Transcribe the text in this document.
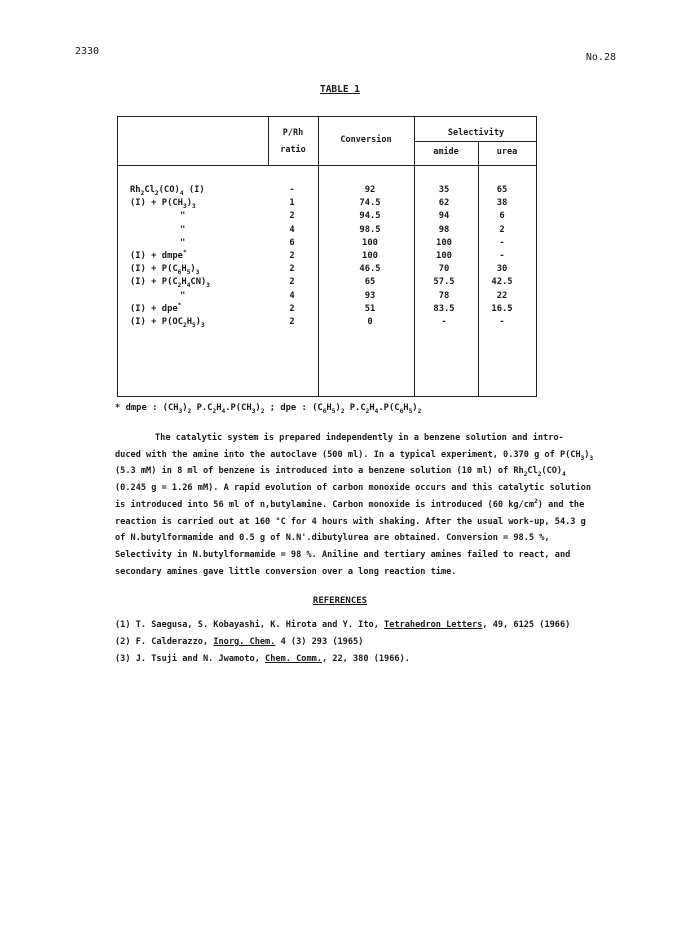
2330
No.28
TABLE 1
P/Rh
ratio
Conversion
Selectivity
amide	urea
$Rh_2Cl_2(CO)_4$ (I)	-	92	35	65
$(I) + P(CH_3)_3$	1	74.5	62	38
"	2	94.5	94	6
"	4	98.5	98	2
"	6	100	100	-
(I) + dmpe*	2	100	100	-
$(I) + P(C_6H_5)_3$	2	46.5	70	30
$(I) + P(C_2H_4CN)_3$	2	65	57.5	42.5
"	4	93	78	22
(I) + dpe*	2	51	83.5	16.5
$(I) + P(OC_2H_5)_3$	2	0	-	-
* dmpe : $(CH_3)_2$ $P.C_2H_4.P(CH_3)_2$ ; dpe : $(C_6H_5)_2$ $P.C_2H_4.P(C_6H_5)_2$
The catalytic system is prepared independently in a benzene solution and intro-
duced with the amine into the autoclave (500 ml). In a typical experiment, 0.370 g of $P(CH_3)_3$
(5.3 mM) in 8 ml of benzene is introduced into a benzene solution (10 ml) of $Rh_2Cl_2(CO)_4$
(0.245 g = 1.26 mM). A rapid evolution of carbon monoxide occurs and this catalytic solution
is introduced into 56 ml of n,butylamine. Carbon monoxide is introduced (60 $kg/cm^2$) and the
reaction is carried out at 160 °C for 4 hours with shaking. After the usual work-up, 54.3 g
of N.butylformamide and 0.5 g of N.N'.dibutylurea are obtained. Conversion = 98.5 %,
Selectivity in N.butylformamide = 98 %. Aniline and tertiary amines failed to react, and
secondary amines gave little conversion over a long reaction time.
REFERENCES
(1) T. Saegusa, S. Kobayashi, K. Hirota and Y. Ito, Tetrahedron Letters, 49, 6125 (1966)
(2) F. Calderazzo, Inorg. Chem. 4 (3) 293 (1965)
(3) J. Tsuji and N. Jwamoto, Chem. Comm., 22, 380 (1966).
